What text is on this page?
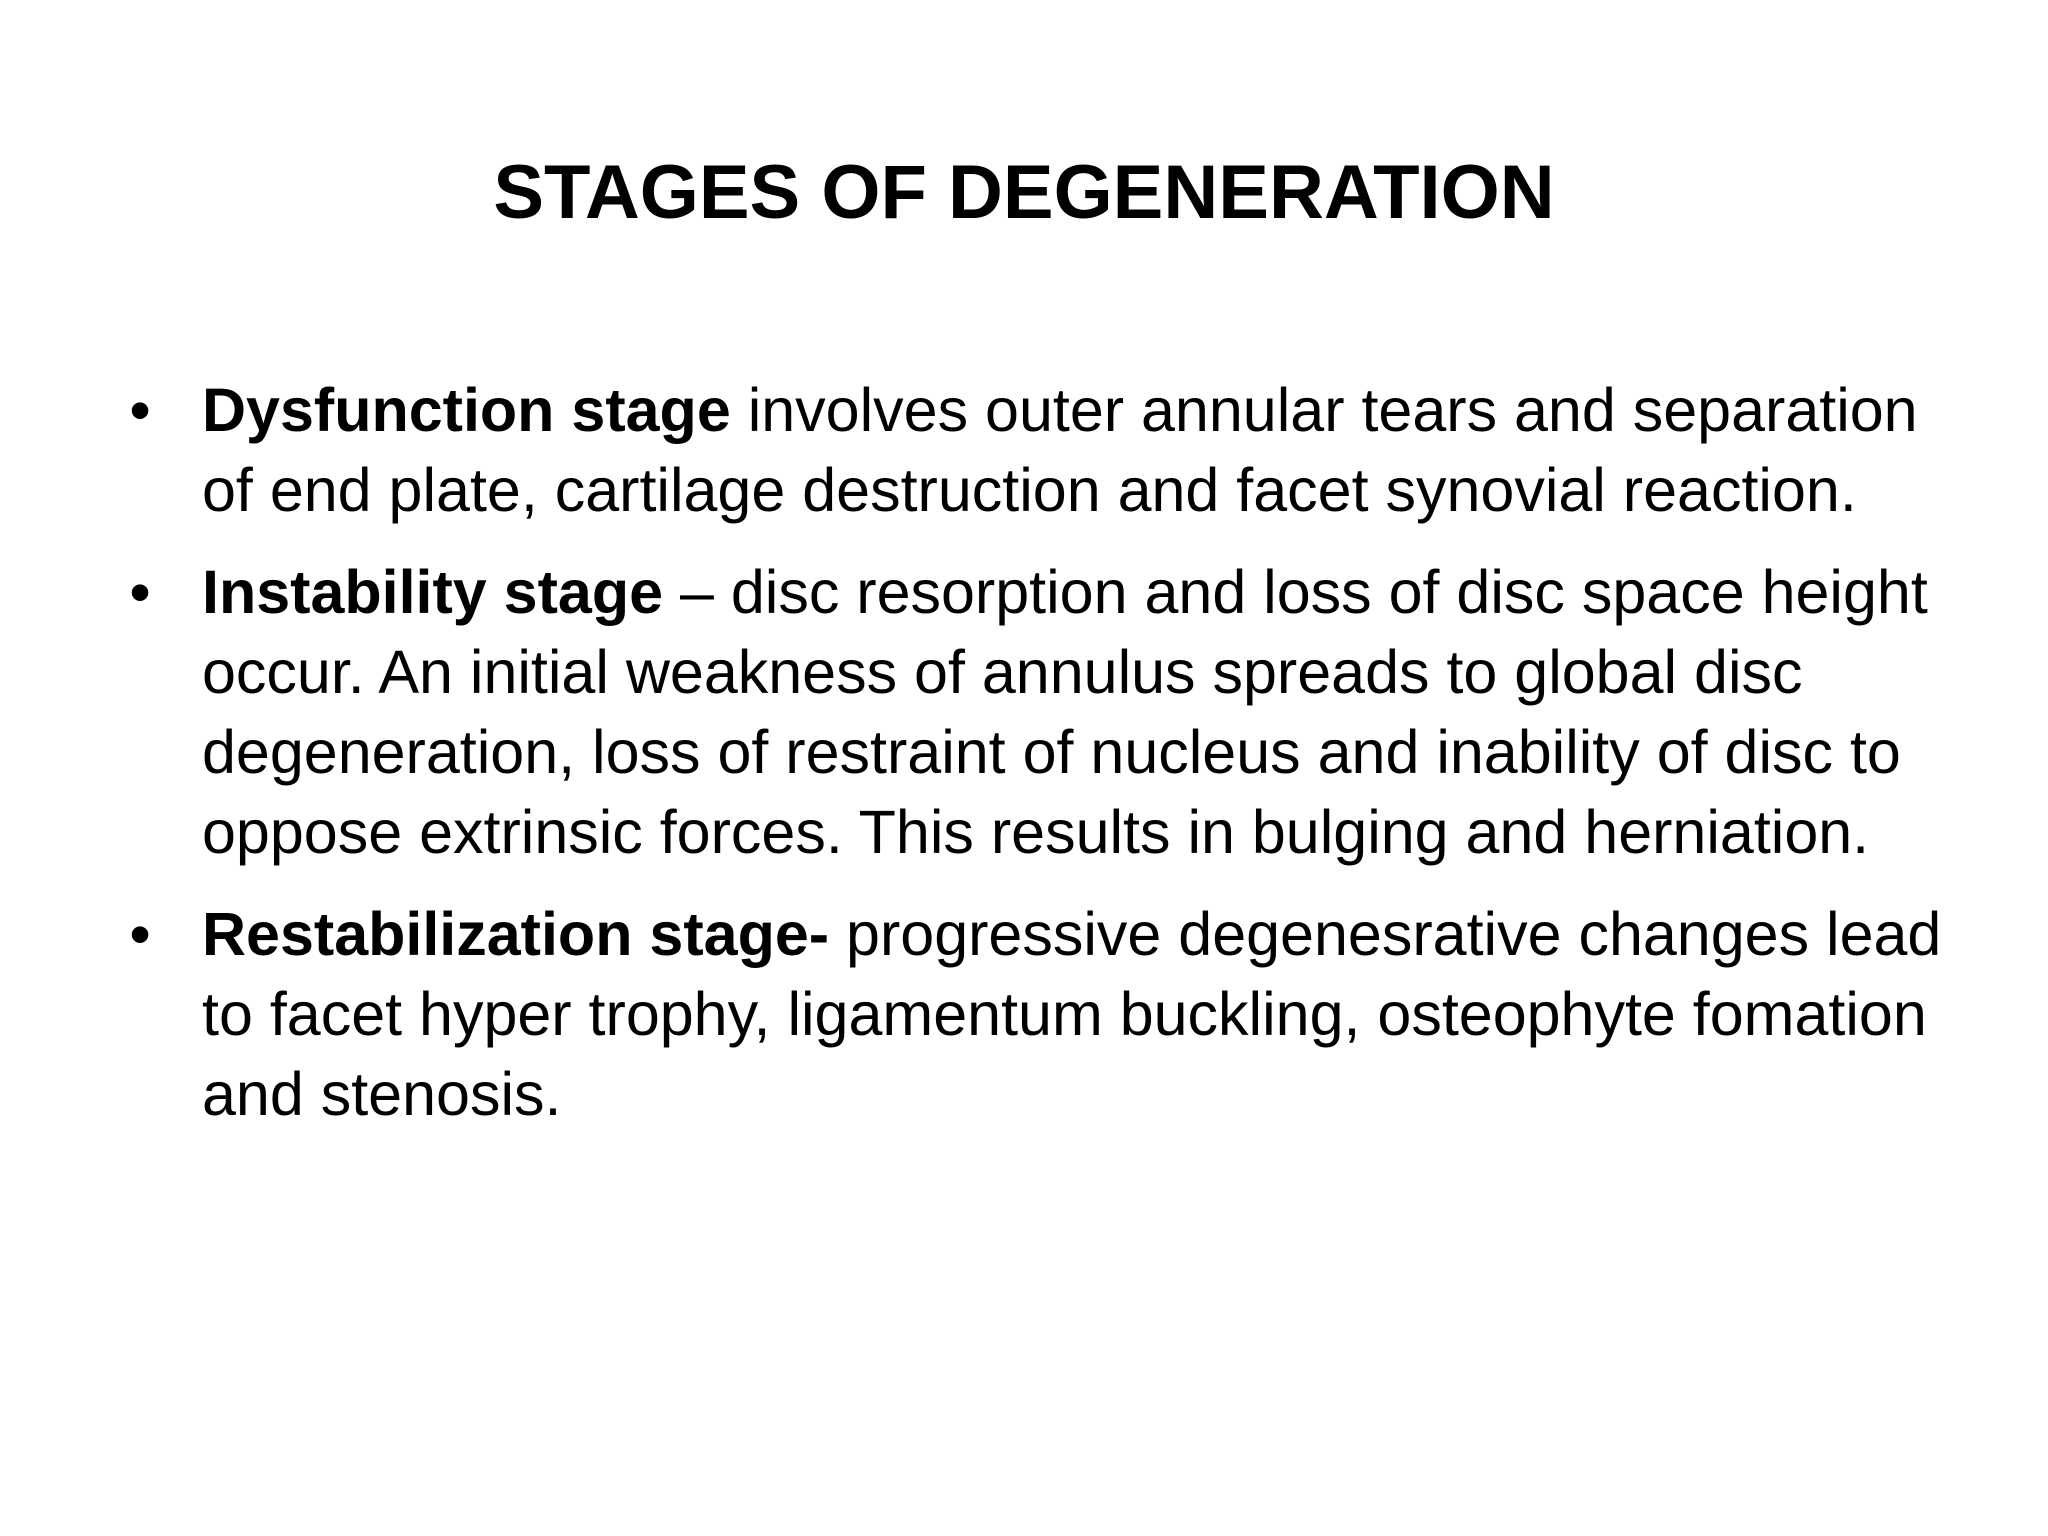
STAGES OF DEGENERATION
• Dysfunction stage involves outer annular tears and separation of end plate, cartilage destruction and facet synovial reaction.
• Instability stage – disc resorption and loss of disc space height occur. An initial weakness of annulus spreads to global disc degeneration, loss of restraint of nucleus and inability of disc to oppose extrinsic forces. This results in bulging and herniation.
• Restabilization stage- progressive degenesrative changes lead to facet hyper trophy, ligamentum buckling, osteophyte fomation and stenosis.
